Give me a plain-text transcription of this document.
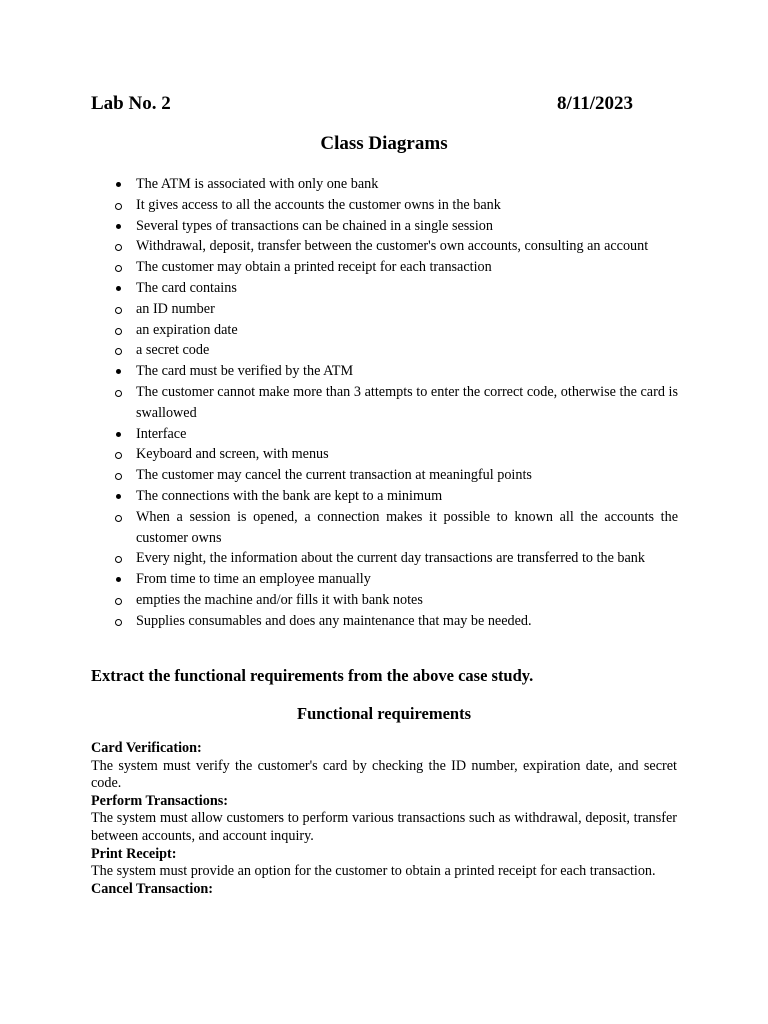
Lab No. 2	8/11/2023
Class Diagrams
The ATM is associated with only one bank
It gives access to all the accounts the customer owns in the bank
Several types of transactions can be chained in a single session
Withdrawal, deposit, transfer between the customer's own accounts, consulting an account
The customer may obtain a printed receipt for each transaction
The card contains
an ID number
an expiration date
a secret code
The card must be verified by the ATM
The customer cannot make more than 3 attempts to enter the correct code, otherwise the card is swallowed
Interface
Keyboard and screen, with menus
The customer may cancel the current transaction at meaningful points
The connections with the bank are kept to a minimum
When a session is opened, a connection makes it possible to known all the accounts the customer owns
Every night, the information about the current day transactions are transferred to the bank
From time to time an employee manually
empties the machine and/or fills it with bank notes
Supplies consumables and does any maintenance that may be needed.
Extract the functional requirements from the above case study.
Functional requirements
Card Verification:
The system must verify the customer's card by checking the ID number, expiration date, and secret code.
Perform Transactions:
The system must allow customers to perform various transactions such as withdrawal, deposit, transfer between accounts, and account inquiry.
Print Receipt:
The system must provide an option for the customer to obtain a printed receipt for each transaction.
Cancel Transaction:
